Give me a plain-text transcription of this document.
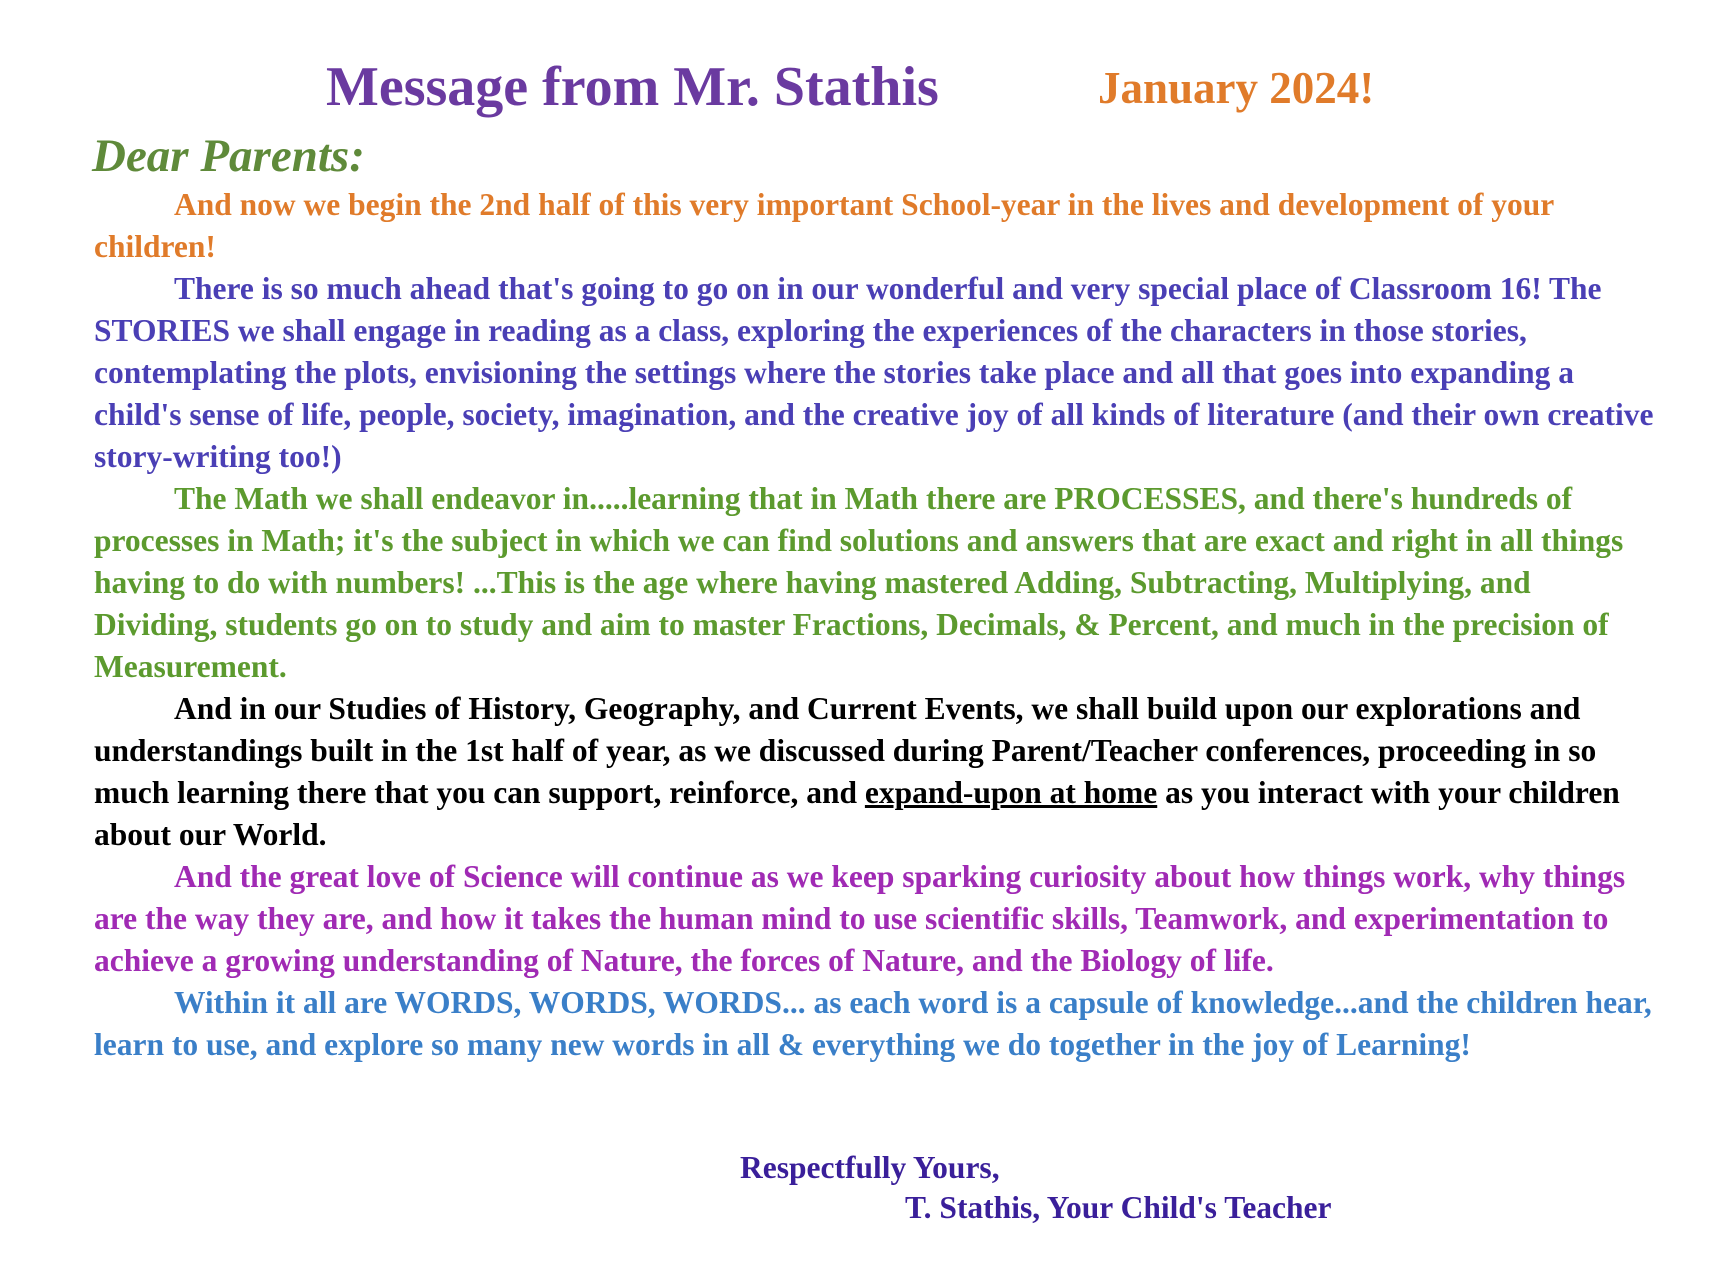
Message from Mr. Stathis	January 2024!
Dear Parents:

And now we begin the 2nd half of this very important School-year in the lives and development of your children!

There is so much ahead that's going to go on in our wonderful and very special place of Classroom 16! The STORIES we shall engage in reading as a class, exploring the experiences of the characters in those stories, contemplating the plots, envisioning the settings where the stories take place and all that goes into expanding a child's sense of life, people, society, imagination, and the creative joy of all kinds of literature (and their own creative story-writing too!)

The Math we shall endeavor in.....learning that in Math there are PROCESSES, and there's hundreds of processes in Math; it's the subject in which we can find solutions and answers that are exact and right in all things having to do with numbers! ...This is the age where having mastered Adding, Subtracting, Multiplying, and Dividing, students go on to study and aim to master Fractions, Decimals, & Percent, and much in the precision of Measurement.

And in our Studies of History, Geography, and Current Events, we shall build upon our explorations and understandings built in the 1st half of year, as we discussed during Parent/Teacher conferences, proceeding in so much learning there that you can support, reinforce, and expand-upon at home as you interact with your children about our World.

And the great love of Science will continue as we keep sparking curiosity about how things work, why things are the way they are, and how it takes the human mind to use scientific skills, Teamwork, and experimentation to achieve a growing understanding of Nature, the forces of Nature, and the Biology of life.

Within it all are WORDS, WORDS, WORDS... as each word is a capsule of knowledge...and the children hear, learn to use, and explore so many new words in all & everything we do together in the joy of Learning!

Respectfully Yours,
T. Stathis, Your Child's Teacher
